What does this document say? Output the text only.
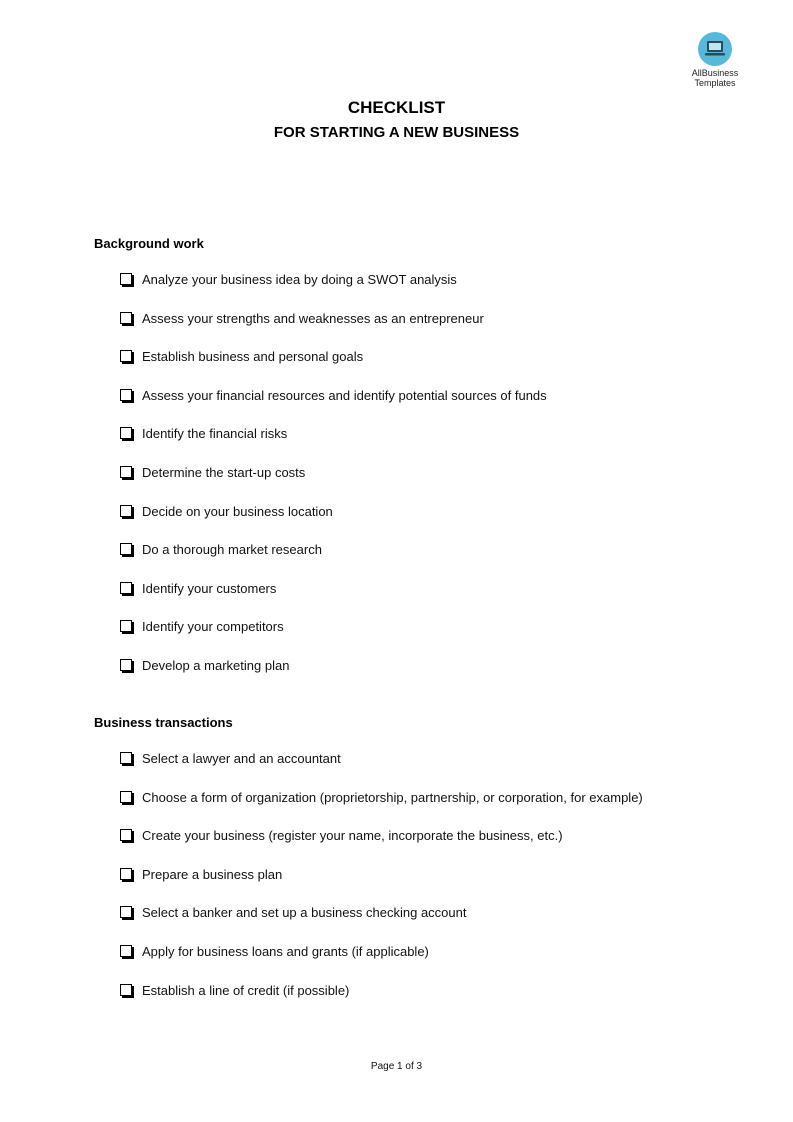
AllBusiness
Templates
CHECKLIST
FOR STARTING A NEW BUSINESS
Background work
Analyze your business idea by doing a SWOT analysis
Assess your strengths and weaknesses as an entrepreneur
Establish business and personal goals
Assess your financial resources and identify potential sources of funds
Identify the financial risks
Determine the start-up costs
Decide on your business location
Do a thorough market research
Identify your customers
Identify your competitors
Develop a marketing plan
Business transactions
Select a lawyer and an accountant
Choose a form of organization (proprietorship, partnership, or corporation, for example)
Create your business (register your name, incorporate the business, etc.)
Prepare a business plan
Select a banker and set up a business checking account
Apply for business loans and grants (if applicable)
Establish a line of credit (if possible)
Page 1 of 3
